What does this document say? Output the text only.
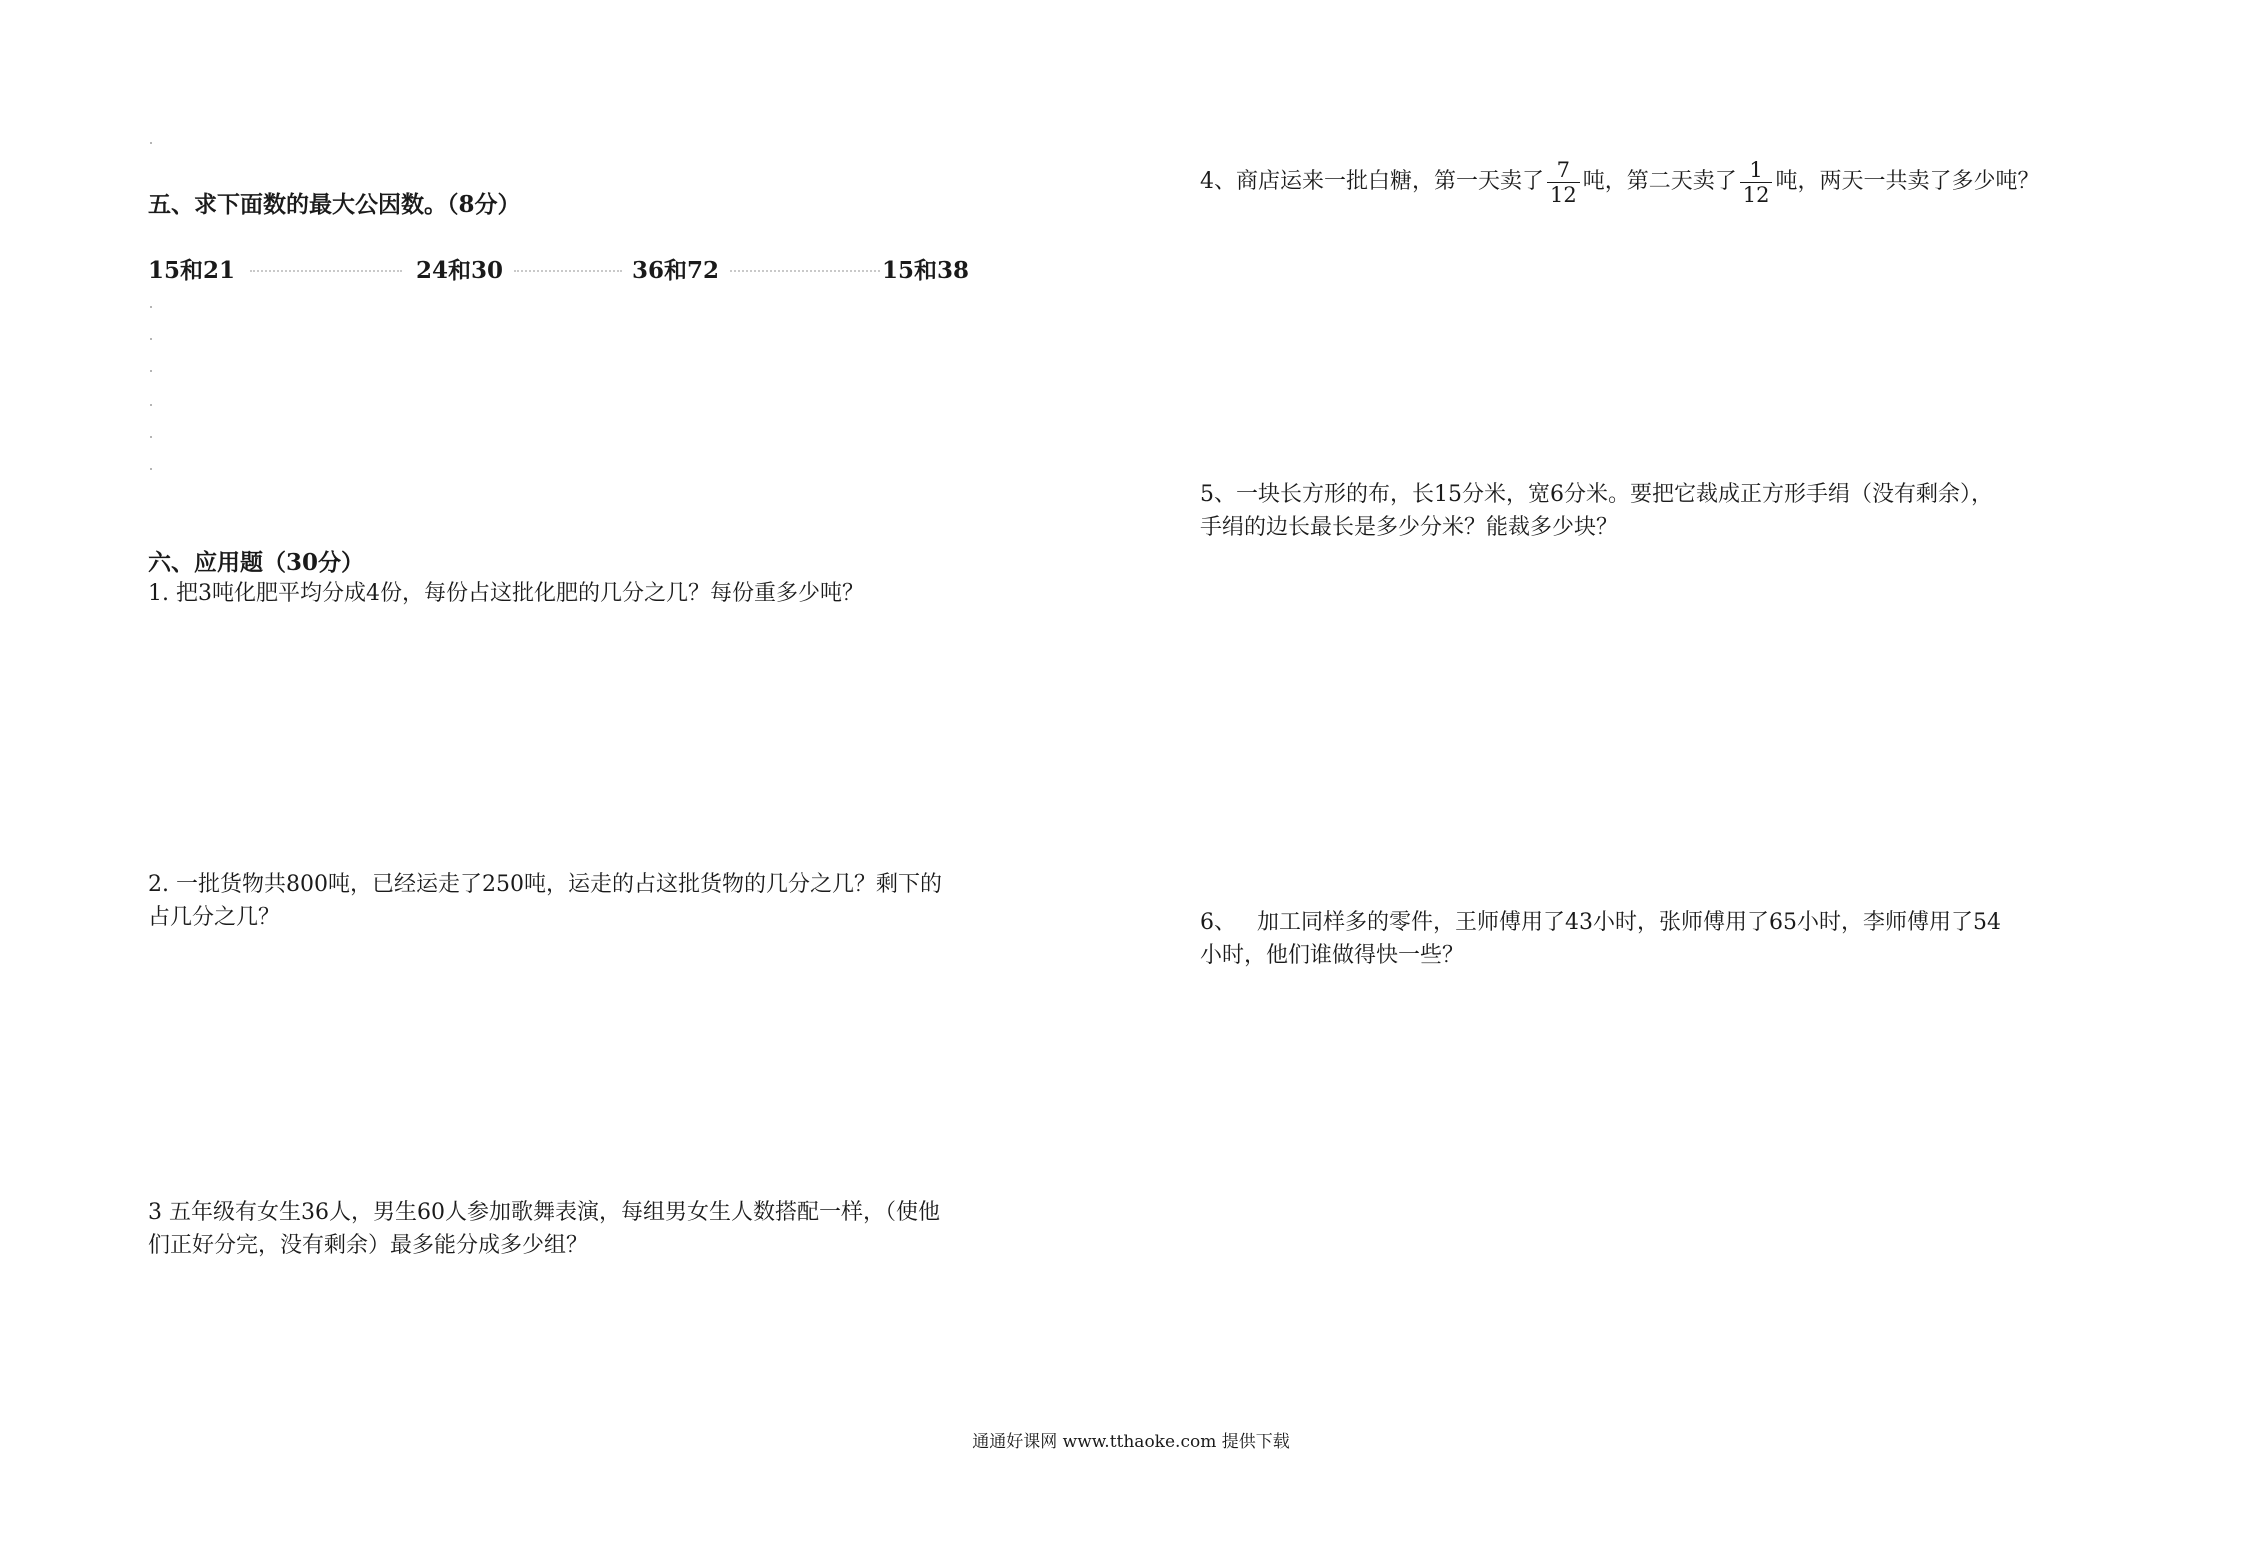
五、求下面数的最大公因数。（8分）
15和21	24和30	36和72	15和38
六、应用题（30分）
1. 把3吨化肥平均分成4份，每份占这批化肥的几分之几？每份重多少吨？
2. 一批货物共800吨，已经运走了250吨，运走的占这批货物的几分之几？剩下的
占几分之几？
3 五年级有女生36人，男生60人参加歌舞表演，每组男女生人数搭配一样，（使他
们正好分完，没有剩余）最多能分成多少组？
4、商店运来一批白糖，第一天卖了 $\frac{7}{12}$ 吨，第二天卖了 $\frac{1}{12}$ 吨，两天一共卖了多少吨？
5、一块长方形的布，长15分米，宽6分米。要把它裁成正方形手绢（没有剩余），
手绢的边长最长是多少分米？能裁多少块？
6、   加工同样多的零件，王师傅用了43小时，张师傅用了65小时，李师傅用了54
小时，他们谁做得快一些？
通通好课网 www.tthaoke.com 提供下载
